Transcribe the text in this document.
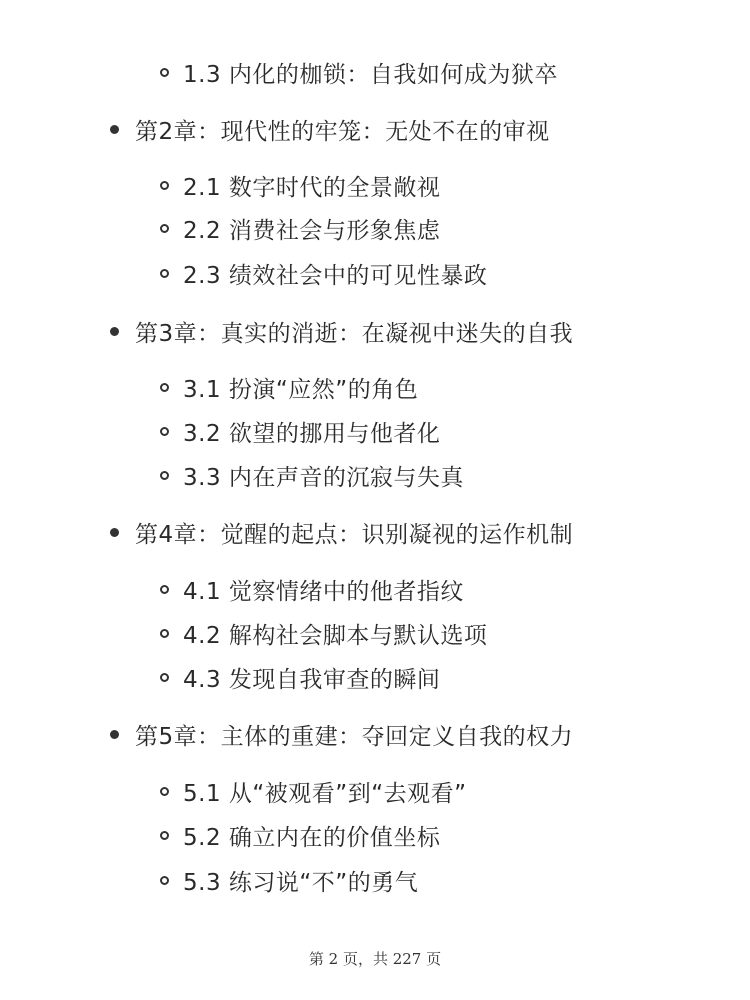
1.3 内化的枷锁：自我如何成为狱卒
第2章：现代性的牢笼：无处不在的审视
2.1 数字时代的全景敞视
2.2 消费社会与形象焦虑
2.3 绩效社会中的可见性暴政
第3章：真实的消逝：在凝视中迷失的自我
3.1 扮演“应然”的角色
3.2 欲望的挪用与他者化
3.3 内在声音的沉寂与失真
第4章：觉醒的起点：识别凝视的运作机制
4.1 觉察情绪中的他者指纹
4.2 解构社会脚本与默认选项
4.3 发现自我审查的瞬间
第5章：主体的重建：夺回定义自我的权力
5.1 从“被观看”到“去观看”
5.2 确立内在的价值坐标
5.3 练习说“不”的勇气
第 2 页，共 227 页
